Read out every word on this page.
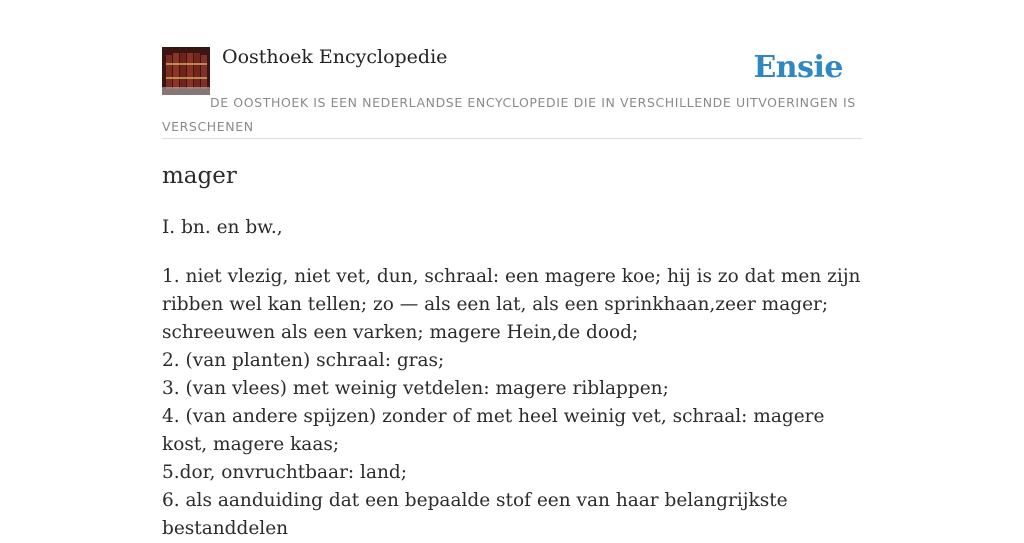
Oosthoek Encyclopedie	Ensie
DE OOSTHOEK IS EEN NEDERLANDSE ENCYCLOPEDIE DIE IN VERSCHILLENDE UITVOERINGEN IS VERSCHENEN
mager
I. bn. en bw.,
1. niet vlezig, niet vet, dun, schraal: een magere koe; hij is zo dat men zijn ribben wel kan tellen; zo — als een lat, als een sprinkhaan,zeer mager; schreeuwen als een varken; magere Hein,de dood;
2. (van planten) schraal: gras;
3. (van vlees) met weinig vetdelen: magere riblappen;
4. (van andere spijzen) zonder of met heel weinig vet, schraal: magere kost, magere kaas;
5.dor, onvruchtbaar: land;
6. als aanduiding dat een bepaalde stof een van haar belangrijkste bestanddelen
